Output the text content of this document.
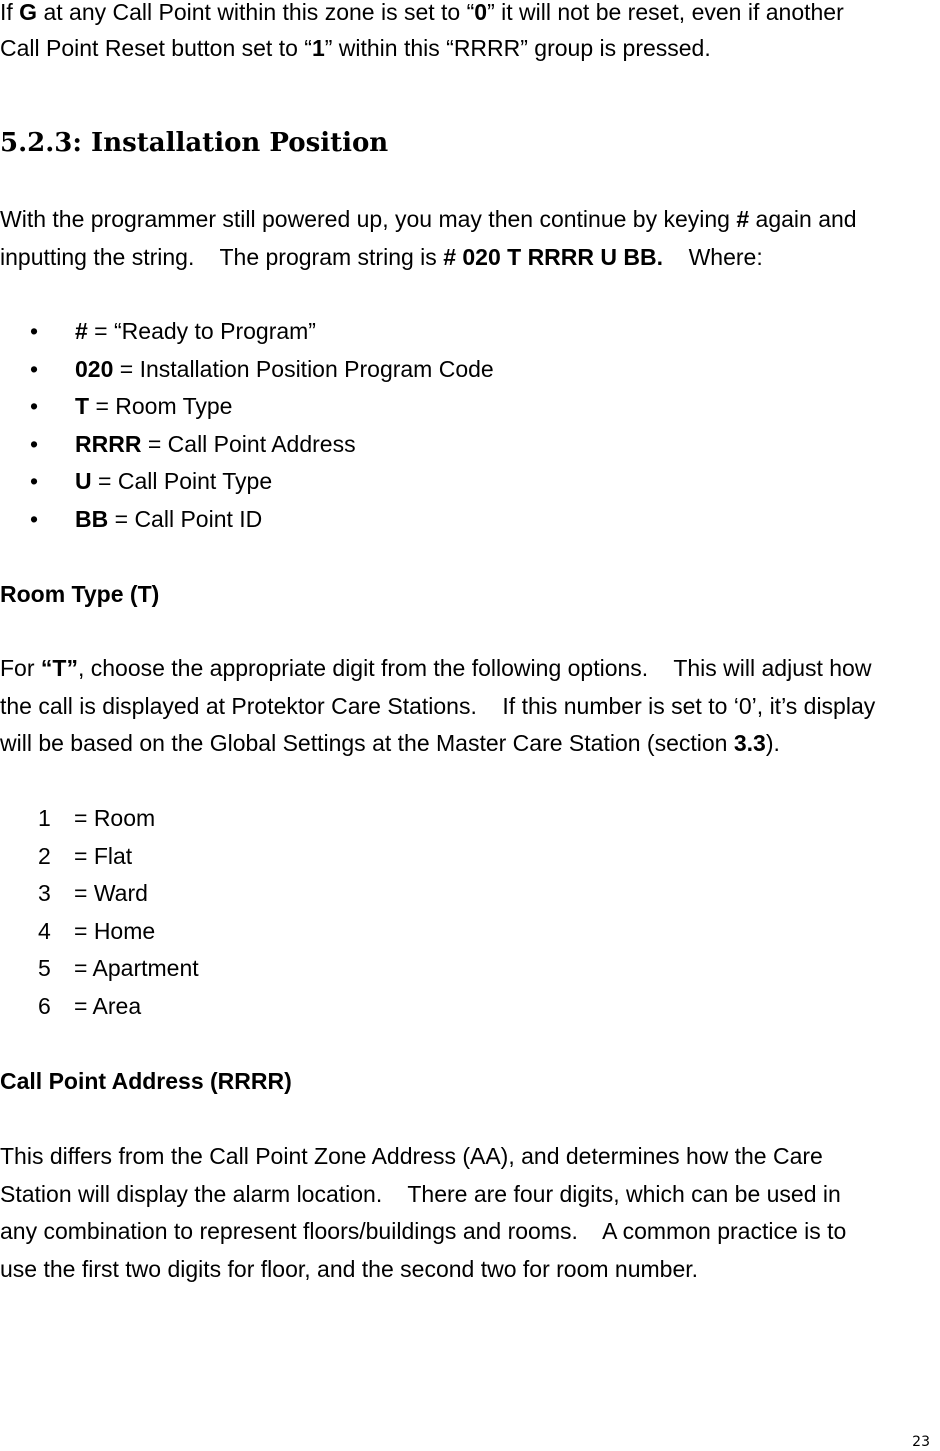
If G at any Call Point within this zone is set to “0” it will not be reset, even if another
Call Point Reset button set to “1” within this “RRRR” group is pressed.
5.2.3: Installation Position
With the programmer still powered up, you may then continue by keying # again and
inputting the string.    The program string is # 020 T RRRR U BB.    Where:
• # = “Ready to Program”
• 020 = Installation Position Program Code
• T = Room Type
• RRRR = Call Point Address
• U = Call Point Type
• BB = Call Point ID
Room Type (T)
For “T”, choose the appropriate digit from the following options.    This will adjust how
the call is displayed at Protektor Care Stations.    If this number is set to ‘0’, it’s display
will be based on the Global Settings at the Master Care Station (section 3.3).
1 = Room
2 = Flat
3 = Ward
4 = Home
5 = Apartment
6 = Area
Call Point Address (RRRR)
This differs from the Call Point Zone Address (AA), and determines how the Care
Station will display the alarm location.    There are four digits, which can be used in
any combination to represent floors/buildings and rooms.    A common practice is to
use the first two digits for floor, and the second two for room number.
23
